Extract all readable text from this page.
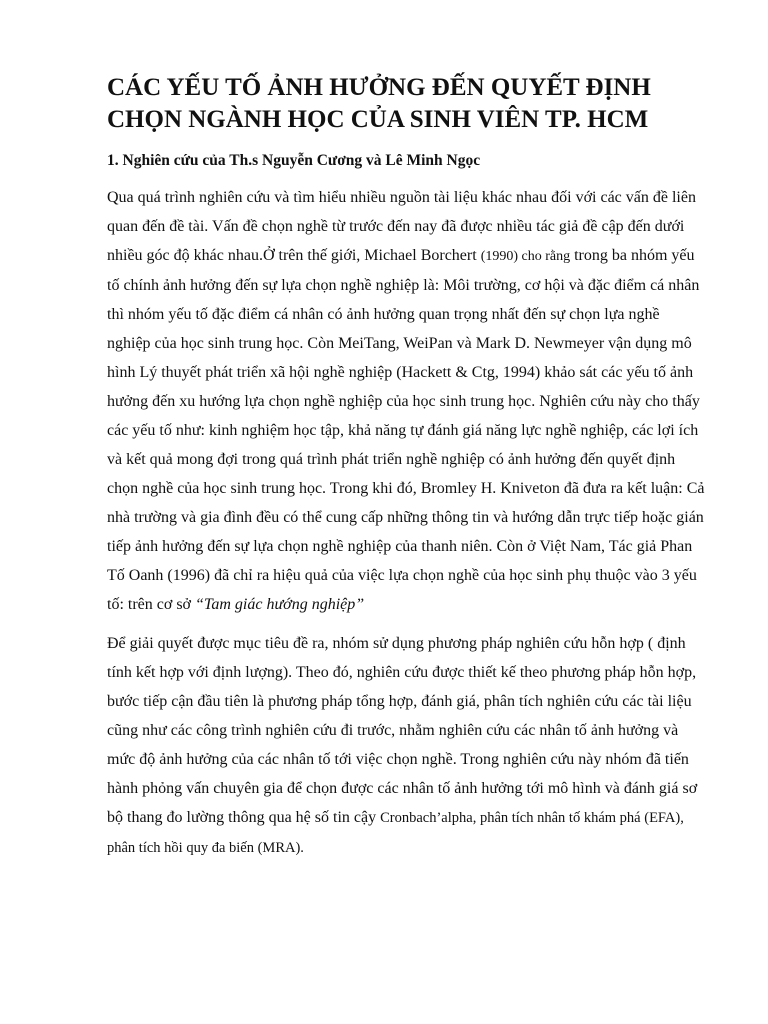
CÁC YẾU TỐ ẢNH HƯỞNG ĐẾN QUYẾT ĐỊNH CHỌN NGÀNH HỌC CỦA SINH VIÊN TP. HCM
1. Nghiên cứu của Th.s Nguyễn Cương và Lê Minh Ngọc

Qua quá trình nghiên cứu và tìm hiểu nhiều nguồn tài liệu khác nhau đối với các vấn đề liên quan đến đề tài. Vấn đề chọn nghề từ trước đến nay đã được nhiều tác giả đề cập đến dưới nhiều góc độ khác nhau.Ở trên thế giới, Michael Borchert (1990) cho rằng trong ba nhóm yếu tố chính ảnh hưởng đến sự lựa chọn nghề nghiệp là: Môi trường, cơ hội và đặc điểm cá nhân thì nhóm yếu tố đặc điểm cá nhân có ảnh hưởng quan trọng nhất đến sự chọn lựa nghề nghiệp của học sinh trung học. Còn MeiTang, WeiPan và Mark D. Newmeyer vận dụng mô hình Lý thuyết phát triển xã hội nghề nghiệp (Hackett & Ctg, 1994) khảo sát các yếu tố ảnh hưởng đến xu hướng lựa chọn nghề nghiệp của học sinh trung học. Nghiên cứu này cho thấy các yếu tố như: kinh nghiệm học tập, khả năng tự đánh giá năng lực nghề nghiệp, các lợi ích và kết quả mong đợi trong quá trình phát triển nghề nghiệp có ảnh hưởng đến quyết định chọn nghề của học sinh trung học. Trong khi đó, Bromley H. Kniveton đã đưa ra kết luận: Cả nhà trường và gia đình đều có thể cung cấp những thông tin và hướng dẫn trực tiếp hoặc gián tiếp ảnh hưởng đến sự lựa chọn nghề nghiệp của thanh niên. Còn ở Việt Nam, Tác giả Phan Tố Oanh (1996) đã chỉ ra hiệu quả của việc lựa chọn nghề của học sinh phụ thuộc vào 3 yếu tố: trên cơ sở “Tam giác hướng nghiệp”

Để giải quyết được mục tiêu đề ra, nhóm sử dụng phương pháp nghiên cứu hỗn hợp ( định tính kết hợp với định lượng). Theo đó, nghiên cứu được thiết kế theo phương pháp hỗn hợp, bước tiếp cận đầu tiên là phương pháp tổng hợp, đánh giá, phân tích nghiên cứu các tài liệu cũng như các công trình nghiên cứu đi trước, nhằm nghiên cứu các nhân tố ảnh hưởng và mức độ ảnh hưởng của các nhân tố tới việc chọn nghề. Trong nghiên cứu này nhóm đã tiến hành phỏng vấn chuyên gia để chọn được các nhân tố ảnh hưởng tới mô hình và đánh giá sơ bộ thang đo lường thông qua hệ số tin cậy Cronbach’alpha, phân tích nhân tố khám phá (EFA), phân tích hồi quy đa biến (MRA).
